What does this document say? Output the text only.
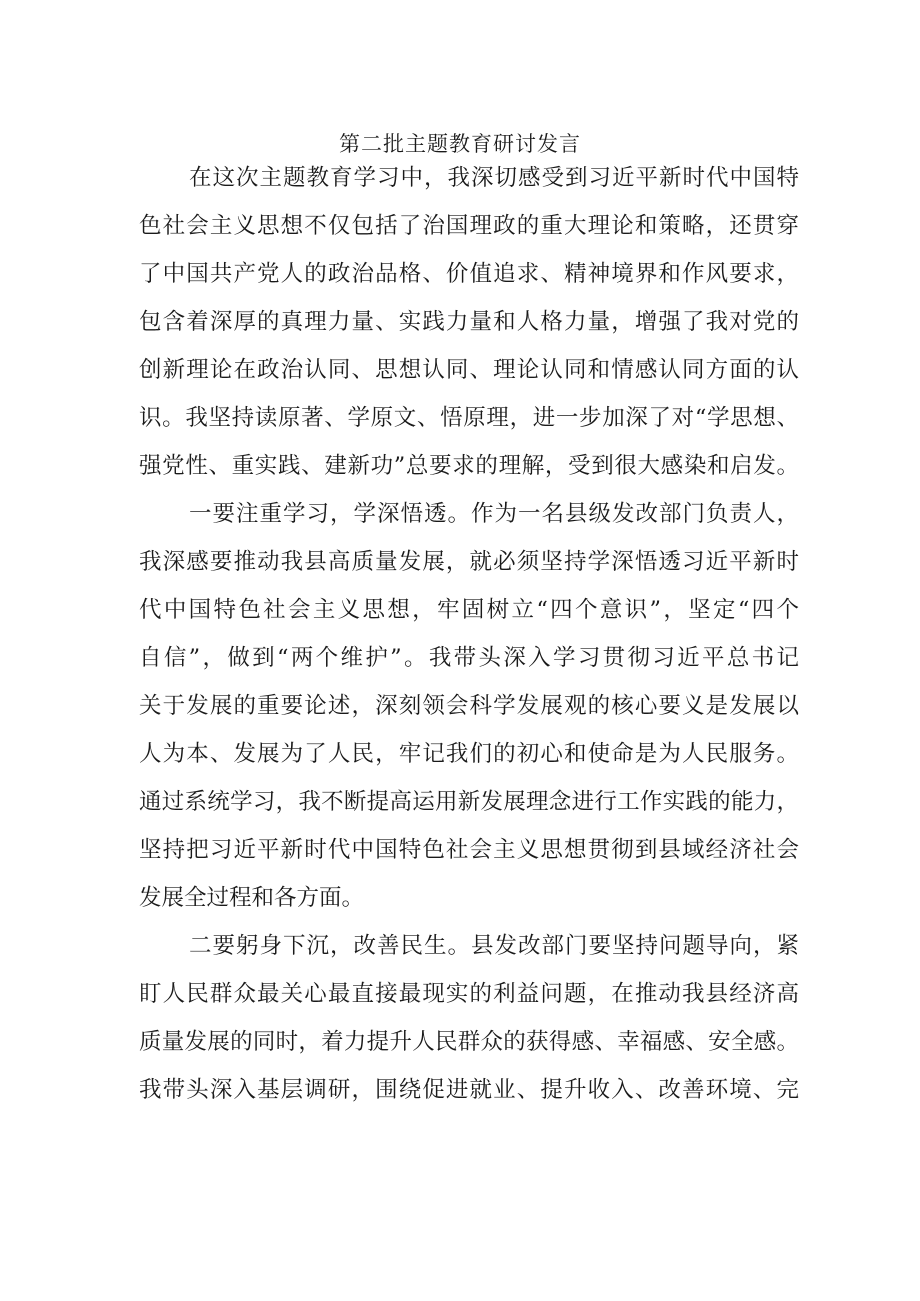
第二批主题教育研讨发言
在这次主题教育学习中，我深切感受到习近平新时代中国特
色社会主义思想不仅包括了治国理政的重大理论和策略，还贯穿
了中国共产党人的政治品格、价值追求、精神境界和作风要求，
包含着深厚的真理力量、实践力量和人格力量，增强了我对党的
创新理论在政治认同、思想认同、理论认同和情感认同方面的认
识。我坚持读原著、学原文、悟原理，进一步加深了对“学思想、
强党性、重实践、建新功”总要求的理解，受到很大感染和启发。
一要注重学习，学深悟透。作为一名县级发改部门负责人，
我深感要推动我县高质量发展，就必须坚持学深悟透习近平新时
代中国特色社会主义思想，牢固树立“四个意识”，坚定“四个
自信”，做到“两个维护”。我带头深入学习贯彻习近平总书记
关于发展的重要论述，深刻领会科学发展观的核心要义是发展以
人为本、发展为了人民，牢记我们的初心和使命是为人民服务。
通过系统学习，我不断提高运用新发展理念进行工作实践的能力，
坚持把习近平新时代中国特色社会主义思想贯彻到县域经济社会
发展全过程和各方面。
二要躬身下沉，改善民生。县发改部门要坚持问题导向，紧
盯人民群众最关心最直接最现实的利益问题，在推动我县经济高
质量发展的同时，着力提升人民群众的获得感、幸福感、安全感。
我带头深入基层调研，围绕促进就业、提升收入、改善环境、完
